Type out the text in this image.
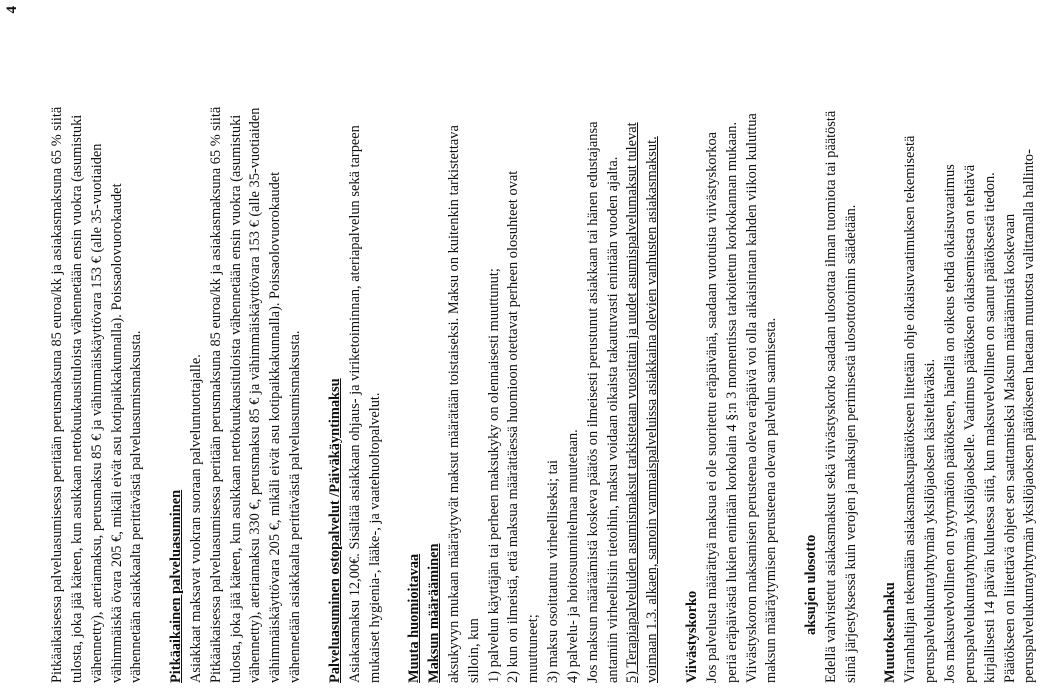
4

Pitkäaikaisessa palveluasumisessa peritään perusmaksuna 85 euroa/kk ja asiakasmaksuna 65 % siitä tulosta, joka jää käteen, kun asukkaan nettokuukausituloista vähennetään ensin vuokra (asumistuki vähennetty), ateriamaksu, perusmaksu 85 € ja vähimmäiskäyttövara 153 € (alle 35-vuotiaiden vähimmäiskä övara 205 €, mikäli eivät asu kotipaikkakunnalla). Poissaolovuorokaudet vähennetään asiakkaalta perittävästä palveluasumismaksusta. Pitkäaikainen palveluasuminen Asiakkaat maksavat vuokran suoraan palveluntuottajalle. Pitkäaikaisessa palveluasumisessa peritään perusmaksuna 85 euroa/kk ja asiakasmaksuna 65 % siitä tulosta, joka jää käteen, kun asukkaan nettokuukausituloista vähennetään ensin vuokra (asumistuki vähennetty), ateriamaksu 330 €, perusmaksu 85 € ja vähimmäiskäyttövara 153 € (alle 35-vuotiaiden vähimmäiskäyttövara 205 €, mikäli eivät asu kotipaikkakunnalla). Poissaolovuorokaudet vähennetään asiakkaalta perittävästä palveluasumismaksusta. Palveluasuminen ostopalvelut /Päiväkäyntimaksu Asiakasmaksu 12,00€. Sisältää asiakkaan ohjaus- ja viriketoiminnan, ateriapalvelun sekä tarpeen mukaiset hygienia-, lääke-, ja vaatehuoltopalvelut. Muuta huomioitavaa Maksun määrääminen aksukyvyn mukaan määräytyvät maksut määrätään toistaiseksi. Maksu on kuitenkin tarkistettava silloin, kun 1) palvelun käyttäjän tai perheen maksukyky on olennaisesti muuttunut; 2) kun on ilmeistä, että maksua määrättäessä huomioon otettavat perheen olosuhteet ovat muuttuneet; 3) maksu osoittautuu virheelliseksi; tai 4) palvelu- ja hoitosuunnitelmaa muutetaan. Jos maksun määräämistä koskeva päätös on ilmeisesti perustunut asiakkaan tai hänen edustajansa antamiin virheellisiin tietoihin, maksu voidaan oikaista takautuvasti enintään vuoden ajalta. 5) Terapiapalveluiden asumismaksut tarkistetaan vuosittain ja uudet asumispalvelumaksut tulevat voimaan 1.3. alkaen, samoin vammaispalveluissa asiakkaina olevien vanhusten asiakasmaksut. Viivästyskorko Jos palvelusta määrättyä maksua ei ole suoritettu eräpäivänä, saadaan vuotuista viivästyskorkoa periä eräpäivästä lukien enintään korkolain 4 §:n 3 momentissa tarkoitetun korkokannan mukaan. Viivästyskoron maksamisen perusteena oleva eräpäivä voi olla aikaisintaan kahden viikon kuluttua maksun määräytymisen perusteena olevan palvelun saamisesta. aksujen ulosotto Edellä vahvistetut asiakasmaksut sekä viivästyskorko saadaan ulosottaa ilman tuomiota tai päätöstä siinä järjestyksessä kuin verojen ja maksujen perimisestä ulosottotoimin säädetään. Muutoksenhaku Viranhaltijan tekemään asiakasmaksupäätökseen liitetään ohje oikaisuvaatimuksen tekemisestä peruspalvelukuntayhtymän yksilöjaoksen käsiteltäväksi. Jos maksuvelvollinen on tyytymätön päätökseen, hänellä on oikeus tehdä oikaisuvaatimus peruspalvelukuntayhtymän yksilöjaokselle. Vaatimus päätöksen oikaisemisesta on tehtävä kirjallisesti 14 päivän kuluessa siitä, kun maksuvelvollinen on saanut päätöksestä tiedon. Päätökseen on liitettävä ohjeet sen saattamiseksi Maksun määräämistä koskevaan peruspalvelukuntayhtymän yksilöjaoksen päätökseen haetaan muutosta valittamalla hallinto-
